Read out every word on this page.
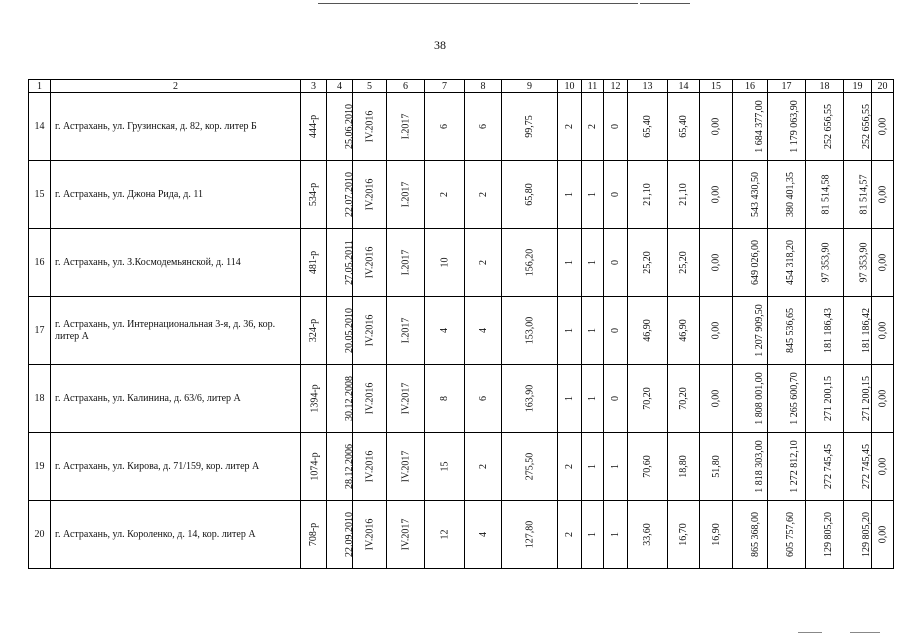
38
1	2	3	4	5	6	7	8	9	10	11	12	13	14	15	16	17	18	19	20
14	г. Астрахань, ул. Грузинская, д. 82, кор. литер Б	444-р	25.06.2010	IV.2016	I.2017	6	6	99,75	2	2	0	65,40	65,40	0,00	1 684 377,00	1 179 063,90	252 656,55	252 656,55	0,00
15	г. Астрахань, ул. Джона Рида, д. 11	534-р	22.07.2010	IV.2016	I.2017	2	2	65,80	1	1	0	21,10	21,10	0,00	543 430,50	380 401,35	81 514,58	81 514,57	0,00
16	г. Астрахань, ул. З.Космодемьянской, д. 114	481-р	27.05.2011	IV.2016	I.2017	10	2	156,20	1	1	0	25,20	25,20	0,00	649 026,00	454 318,20	97 353,90	97 353,90	0,00
17	г. Астрахань, ул. Интернациональная 3-я, д. 36, кор. литер А	324-р	20.05.2010	IV.2016	I.2017	4	4	153,00	1	1	0	46,90	46,90	0,00	1 207 909,50	845 536,65	181 186,43	181 186,42	0,00
18	г. Астрахань, ул. Калинина, д. 63/6, литер А	1394-р	30.12.2008	IV.2016	IV.2017	8	6	163,90	1	1	0	70,20	70,20	0,00	1 808 001,00	1 265 600,70	271 200,15	271 200,15	0,00
19	г. Астрахань, ул. Кирова, д. 71/159, кор. литер А	1074-р	28.12.2006	IV.2016	IV.2017	15	2	275,50	2	1	1	70,60	18,80	51,80	1 818 303,00	1 272 812,10	272 745,45	272 745,45	0,00
20	г. Астрахань, ул. Короленко, д. 14, кор. литер А	708-р	22.09.2010	IV.2016	IV.2017	12	4	127,80	2	1	1	33,60	16,70	16,90	865 368,00	605 757,60	129 805,20	129 805,20	0,00
